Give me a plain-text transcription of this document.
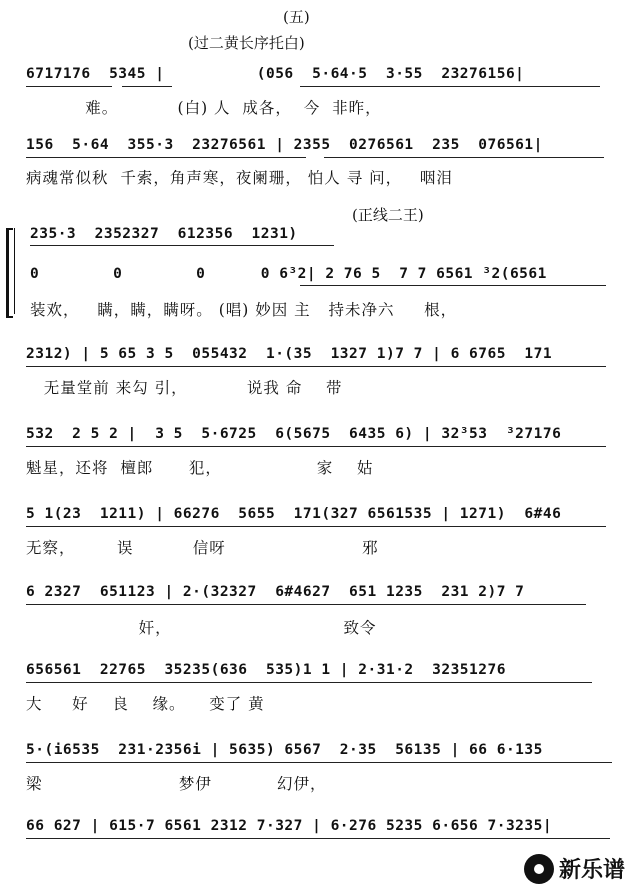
(五)
(过二黄长序托白)
6717176  5345 |          (056  5·64·5  3·55  23276156|
难。          (白) 人  成各，  今  非昨，
156  5·64  355·3  23276561 | 2355  0276561  235  076561|
病魂常似秋  千索，角声寒，夜阑珊， 怕人 寻 问，   咽泪
(正线二王)
235·3  2352327  612356  1231)
0        0        0      0 6³2| 2 76 5  7 7 6561 ³2(6561
装欢，   瞒，瞒，瞒呀。 (唱) 妙因 主   持未净六     根，
2312) | 5 65 3 5  055432  1·(35  1327 1)7 7 | 6 6765  171
无量堂前 来勾 引，          说我 命    带
532  2 5 2 |  3 5  5·6725  6(5675  6435 6) | 32³53  ³27176
魁星，还将  檀郎      犯，                家    姑
5 1(23  1211) | 66276  5655  171(327 6561535 | 1271)  6#46
无察，       误          信呀                       邪
6 2327  651123 | 2·(32327  6#4627  651 1235  231 2)7 7
奸，                             致令
656561  22765  35235(636  535)1 1 | 2·31·2  32351276
大     好    良    缘。    变了 黄
5·(i6535  231·2356i | 5635) 6567  2·35  56135 | 66 6·135
梁                       梦伊           幻伊，
66 627 | 615·7 6561 2312 7·327 | 6·276 5235 6·656 7·3235|
新乐谱
